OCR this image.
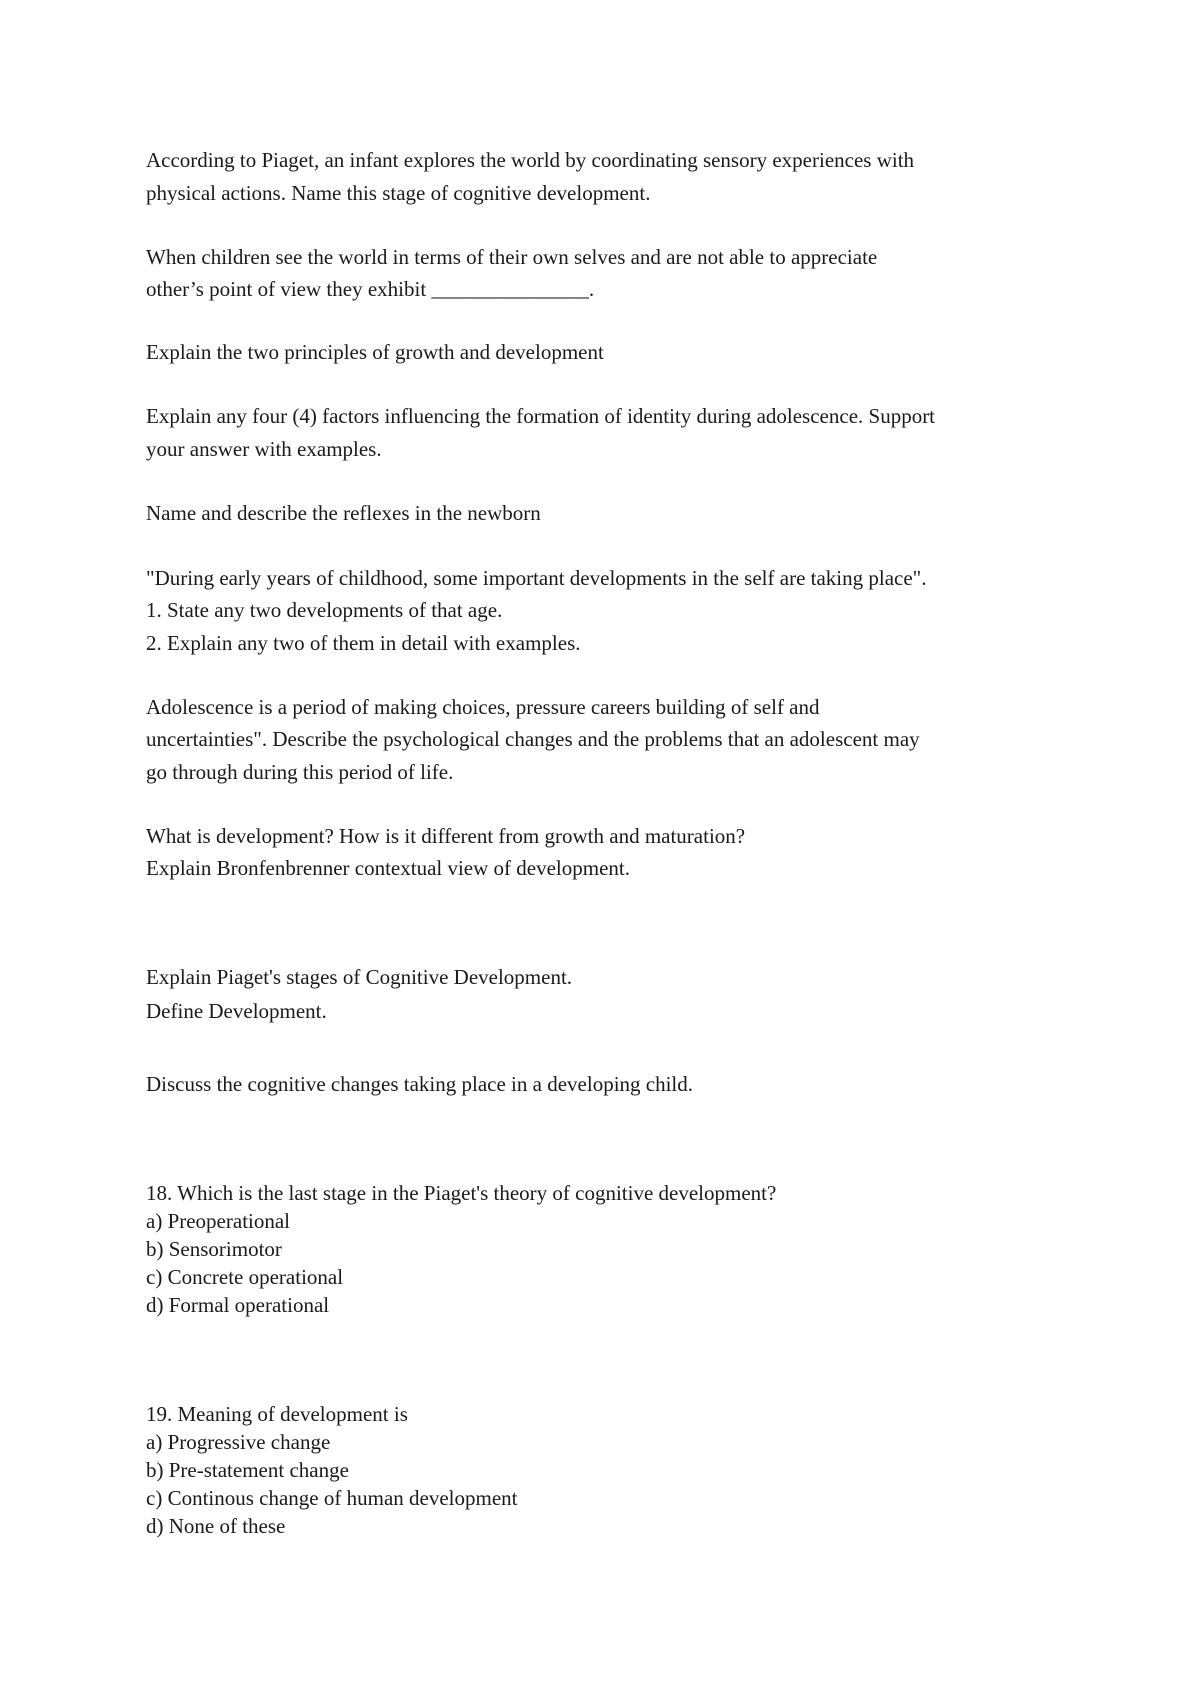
According to Piaget, an infant explores the world by coordinating sensory experiences with
physical actions. Name this stage of cognitive development.
When children see the world in terms of their own selves and are not able to appreciate
other’s point of view they exhibit _______________.
Explain the two principles of growth and development
Explain any four (4) factors influencing the formation of identity during adolescence. Support
your answer with examples.
Name and describe the reflexes in the newborn
"During early years of childhood, some important developments in the self are taking place".
1. State any two developments of that age.
2. Explain any two of them in detail with examples.
Adolescence is a period of making choices, pressure careers building of self and
uncertainties". Describe the psychological changes and the problems that an adolescent may
go through during this period of life.
What is development? How is it different from growth and maturation?
Explain Bronfenbrenner contextual view of development.
Explain Piaget's stages of Cognitive Development.
Define Development.
Discuss the cognitive changes taking place in a developing child.
18. Which is the last stage in the Piaget's theory of cognitive development?
a) Preoperational
b) Sensorimotor
c) Concrete operational
d) Formal operational
19. Meaning of development is
a) Progressive change
b) Pre-statement change
c) Continous change of human development
d) None of these
